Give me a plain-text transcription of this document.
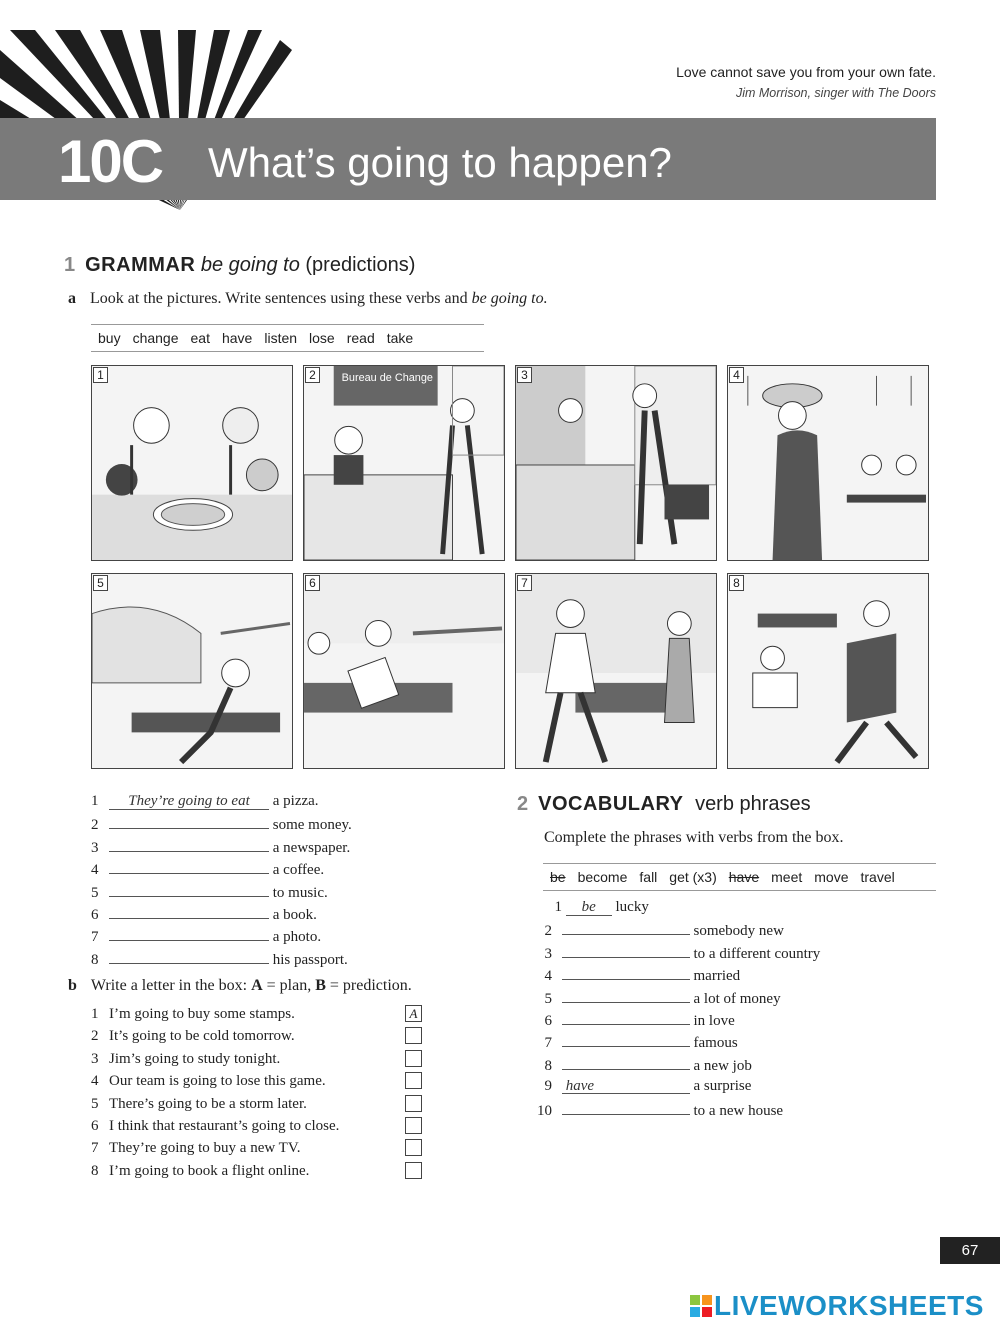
Love cannot save you from your own fate.
Jim Morrison, singer with The Doors
10C What’s going to happen?
1 GRAMMAR be going to (predictions)
a Look at the pictures. Write sentences using these verbs and be going to.
buy change eat have listen lose read take
1	Bureau de Change
2	3	4
5	6	7	8
1 They’re going to eat a pizza.
2	some money.
3	a newspaper.
4	a coffee.
5	to music.
6	a book.
7	a photo.
8	his passport.
b Write a letter in the box: A = plan, B = prediction.
1 I’m going to buy some stamps.	A
2 It’s going to be cold tomorrow.
3 Jim’s going to study tonight.
4 Our team is going to lose this game.
5 There’s going to be a storm later.
6 I think that restaurant’s going to close.
7 They’re going to buy a new TV.
8 I’m going to book a flight online.
2 VOCABULARY verb phrases
Complete the phrases with verbs from the box.
be become fall get (x3) have meet move travel
1 be lucky
2	somebody new
3	to a different country
4	married
5	a lot of money
6	in love
7	famous
8	a new job
9 have	a surprise
10	to a new house
67
LIVEWORKSHEETS
